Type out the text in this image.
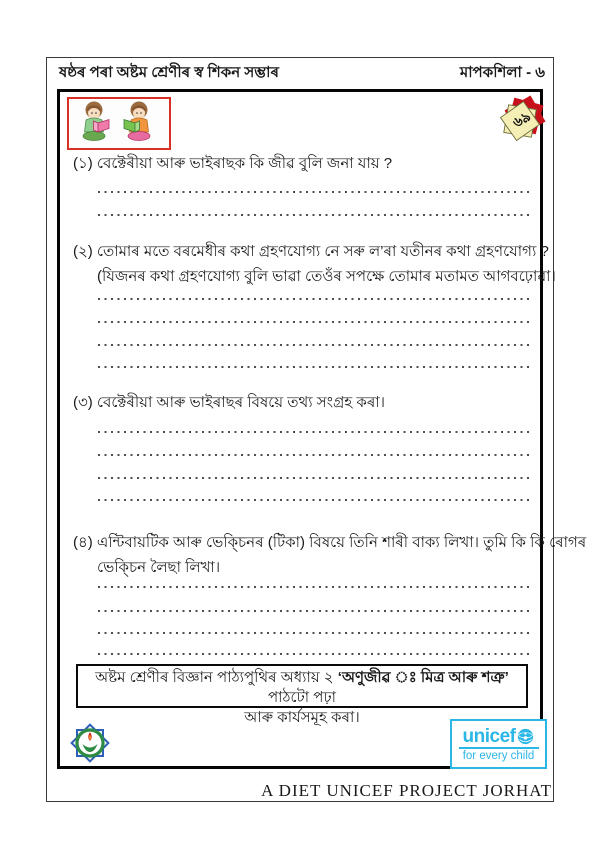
ষষ্ঠৰ পৰা অষ্টম শ্ৰেণীৰ স্ব শিকন সম্ভাৰ	মাপকশিলা - ৬
৬৯
(১) বেক্টেৰীয়া আৰু ভাইৰাছক কি জীৱ বুলি জনা যায় ?
(২) তোমাৰ মতে বৰমেধীৰ কথা গ্ৰহণযোগ্য নে সৰু ল’ৰা যতীনৰ কথা গ্ৰহণযোগ্য ?
(যিজনৰ কথা গ্ৰহণযোগ্য বুলি ভাৱা তেওঁৰ সপক্ষে তোমাৰ মতামত আগবঢ়োৱা।
(৩) বেক্টেৰীয়া আৰু ভাইৰাছৰ বিষয়ে তথ্য সংগ্ৰহ কৰা।
(৪) এন্টিবায়টিক আৰু ভেক্চিনৰ (টিকা) বিষয়ে তিনি শাৰী বাক্য লিখা। তুমি কি কি ৰোগৰ
ভেক্চিন লৈছা লিখা।
অষ্টম শ্ৰেণীৰ বিজ্ঞান পাঠ্যপুথিৰ অধ্যায় ২ ‘অণুজীৱ ঃ মিত্ৰ আৰু শত্ৰু’ পাঠটো পঢ়া
আৰু কাৰ্যসমূহ কৰা।
unicef
for every child
A DIET UNICEF PROJECT JORHAT
